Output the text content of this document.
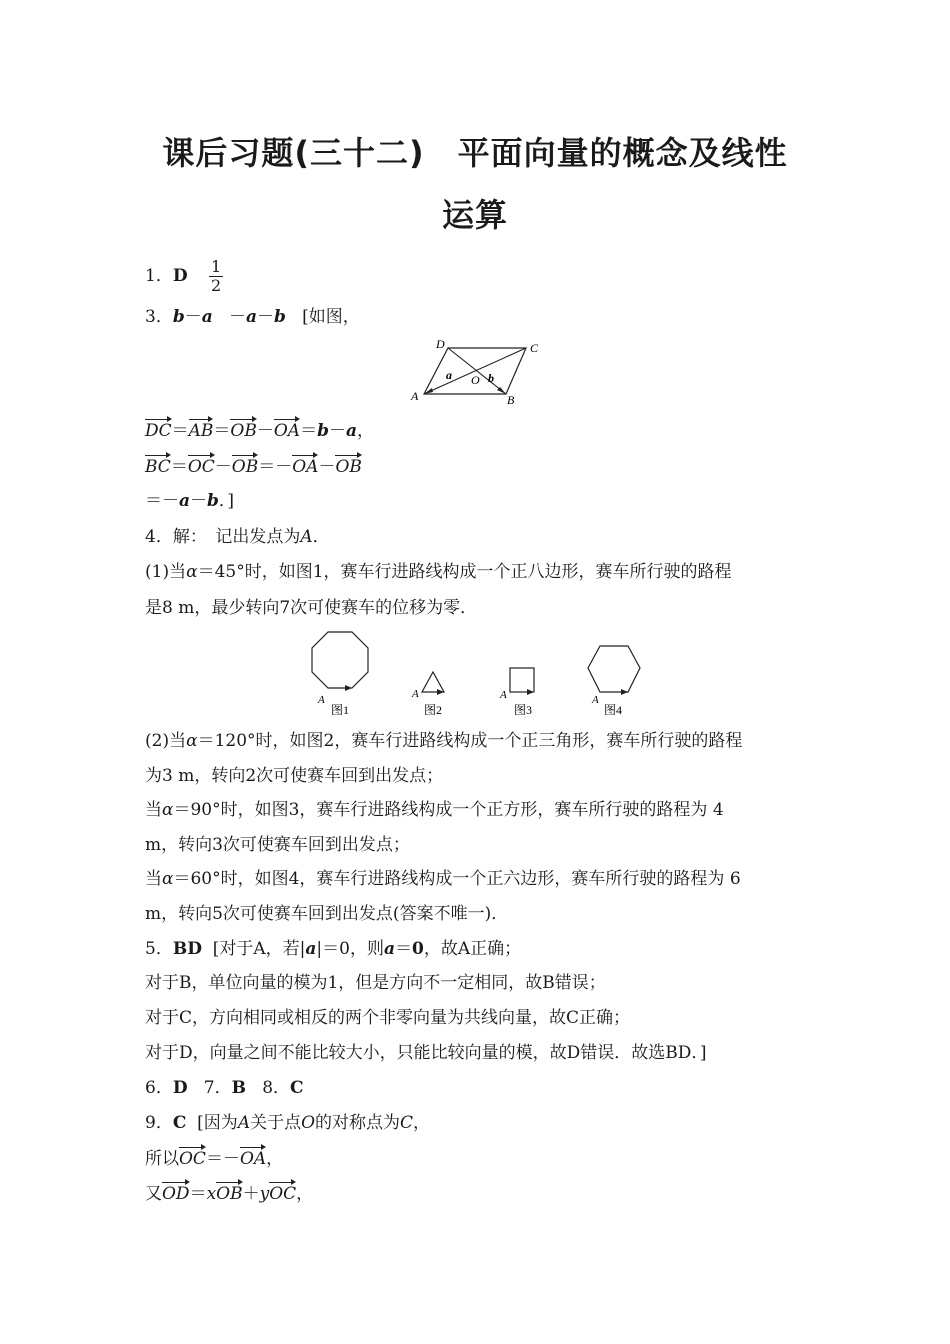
课后习题(三十二)　平面向量的概念及线性
运算
1．D $\frac{1}{2}$
3．b－a －a－b [如图，
D	C
A	B
O
a	b
DC＝AB＝OB－OA＝b－a，
BC＝OC－OB＝－OA－OB
＝－a－b．]
4．解：　记出发点为A．
(1)当α＝45°时，如图1，赛车行进路线构成一个正八边形，赛车所行驶的路程
是8 m，最少转向7次可使赛车的位移为零．
A
图1
A
图2
A
图3
A
图4
(2)当α＝120°时，如图2，赛车行进路线构成一个正三角形，赛车所行驶的路程
为3 m，转向2次可使赛车回到出发点；
当α＝90°时，如图3，赛车行进路线构成一个正方形，赛车所行驶的路程为 4
m，转向3次可使赛车回到出发点；
当α＝60°时，如图4，赛车行进路线构成一个正六边形，赛车所行驶的路程为 6
m，转向5次可使赛车回到出发点(答案不唯一)．
5．BD [对于A，若|a|＝0，则a＝0，故A正确；
对于B，单位向量的模为1，但是方向不一定相同，故B错误；
对于C，方向相同或相反的两个非零向量为共线向量，故C正确；
对于D，向量之间不能比较大小，只能比较向量的模，故D错误．故选BD．]
6．D 7．B 8．C
9．C [因为A关于点O的对称点为C，
所以OC＝－OA，
又OD＝xOB＋yOC，
